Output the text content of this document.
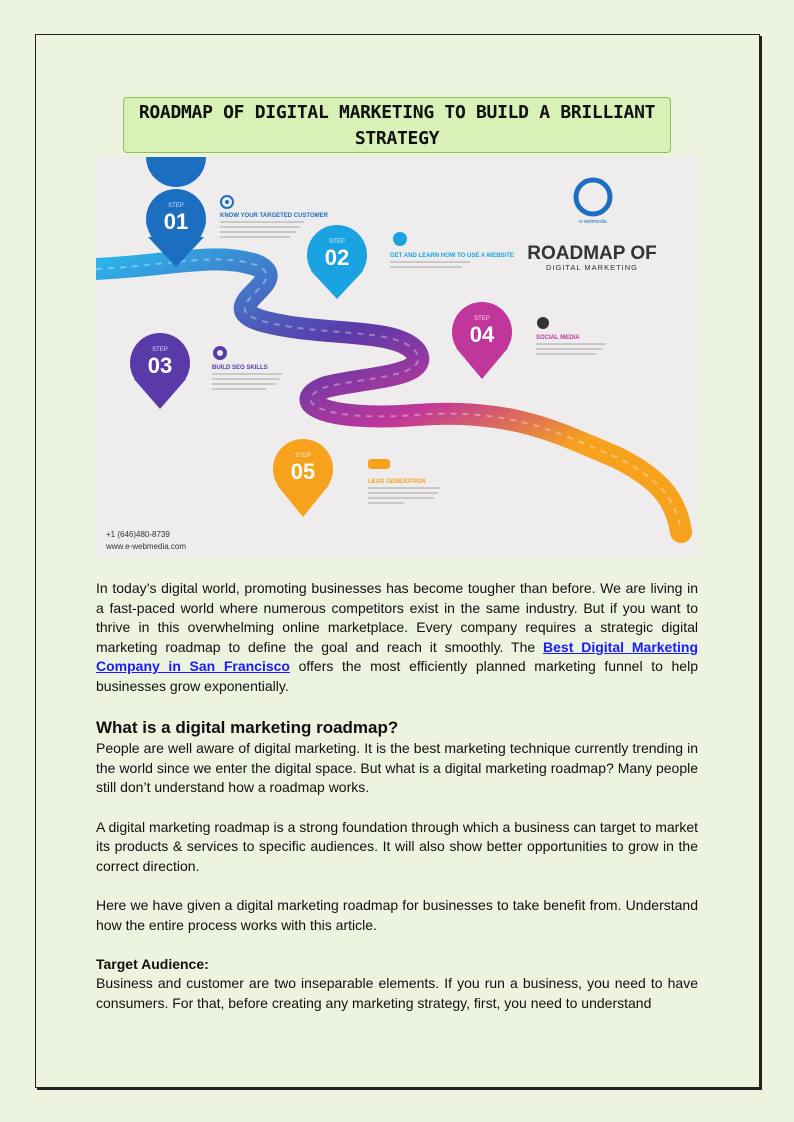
ROADMAP OF DIGITAL MARKETING TO BUILD A BRILLIANT STRATEGY
STEP
01
STEP
02
STEP
03
STEP
04
STEP
05
KNOW YOUR TARGETED CUSTOMER
GET AND LEARN HOW TO USE A WEBSITE
BUILD SEO SKILLS
SOCIAL MEDIA
LEAD GENERATION
e-webmedia
ROADMAP OF
DIGITAL MARKETING
+1 (646)480-8739
www.e-webmedia.com

In today’s digital world, promoting businesses has become tougher than before. We are living in a fast-paced world where numerous competitors exist in the same industry. But if you want to thrive in this overwhelming online marketplace. Every company requires a strategic digital marketing roadmap to define the goal and reach it smoothly. The Best Digital Marketing Company in San Francisco offers the most efficiently planned marketing funnel to help businesses grow exponentially.

What is a digital marketing roadmap?

People are well aware of digital marketing. It is the best marketing technique currently trending in the world since we enter the digital space. But what is a digital marketing roadmap? Many people still don’t understand how a roadmap works.

A digital marketing roadmap is a strong foundation through which a business can target to market its products & services to specific audiences. It will also show better opportunities to grow in the correct direction.

Here we have given a digital marketing roadmap for businesses to take benefit from. Understand how the entire process works with this article.

Target Audience:

Business and customer are two inseparable elements. If you run a business, you need to have consumers. For that, before creating any marketing strategy, first, you need to understand
